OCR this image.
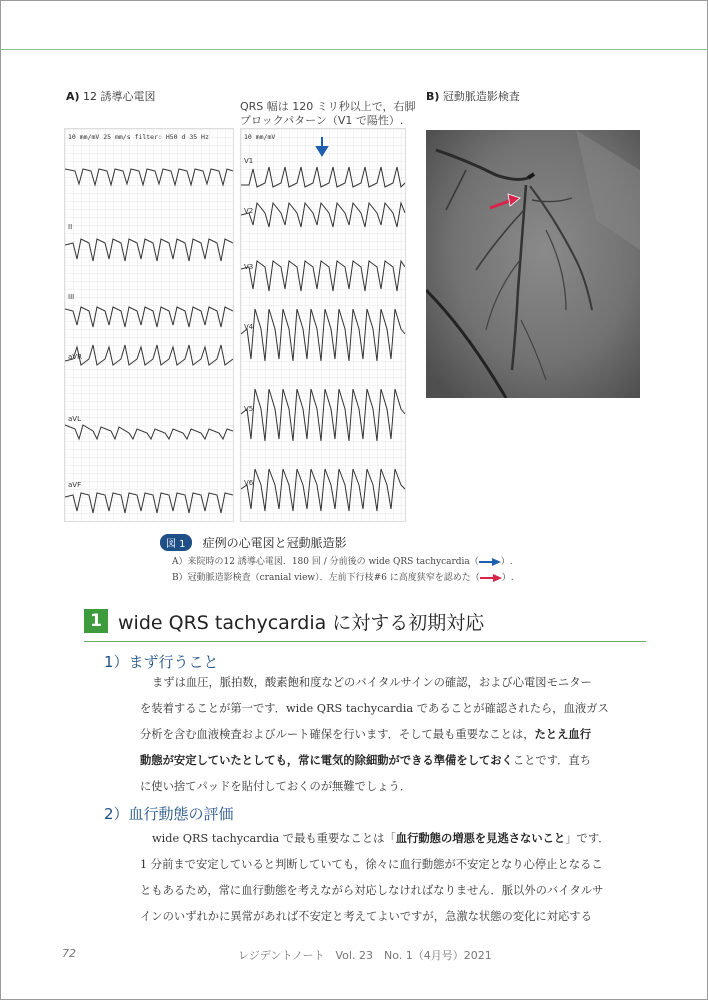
A) 12 誘導心電図	B) 冠動脈造影検査
QRS 幅は 120 ミリ秒以上で，右脚
ブロックパターン（V1 で陽性）.
10 mm/mV 25 mm/s filter: H50 d 35 Hz
II
III
aVR
aVL
aVF
10 mm/mV
V1
V2
V3
V4
V5
V6
図 1 症例の心電図と冠動脈造影
A）来院時の12 誘導心電図．180 回 / 分前後の wide QRS tachycardia（ ）.
B）冠動脈造影検査（cranial view）．左前下行枝#6 に高度狭窄を認めた（ ）.
1 wide QRS tachycardia に対する初期対応
1）まず行うこと
まずは血圧，脈拍数，酸素飽和度などのバイタルサインの確認，および心電図モニター
を装着することが第一です．wide QRS tachycardia であることが確認されたら，血液ガス
分析を含む血液検査およびルート確保を行います．そして最も重要なことは，たとえ血行
動態が安定していたとしても，常に電気的除細動ができる準備をしておくことです．直ち
に使い捨てパッドを貼付しておくのが無難でしょう．
2）血行動態の評価
wide QRS tachycardia で最も重要なことは「血行動態の増悪を見逃さないこと」です．
1 分前まで安定していると判断していても，徐々に血行動態が不安定となり心停止となるこ
ともあるため，常に血行動態を考えながら対応しなければなりません．脈以外のバイタルサ
インのいずれかに異常があれば不安定と考えてよいですが，急激な状態の変化に対応する
72	レジデントノート　Vol. 23　No. 1（4月号）2021
